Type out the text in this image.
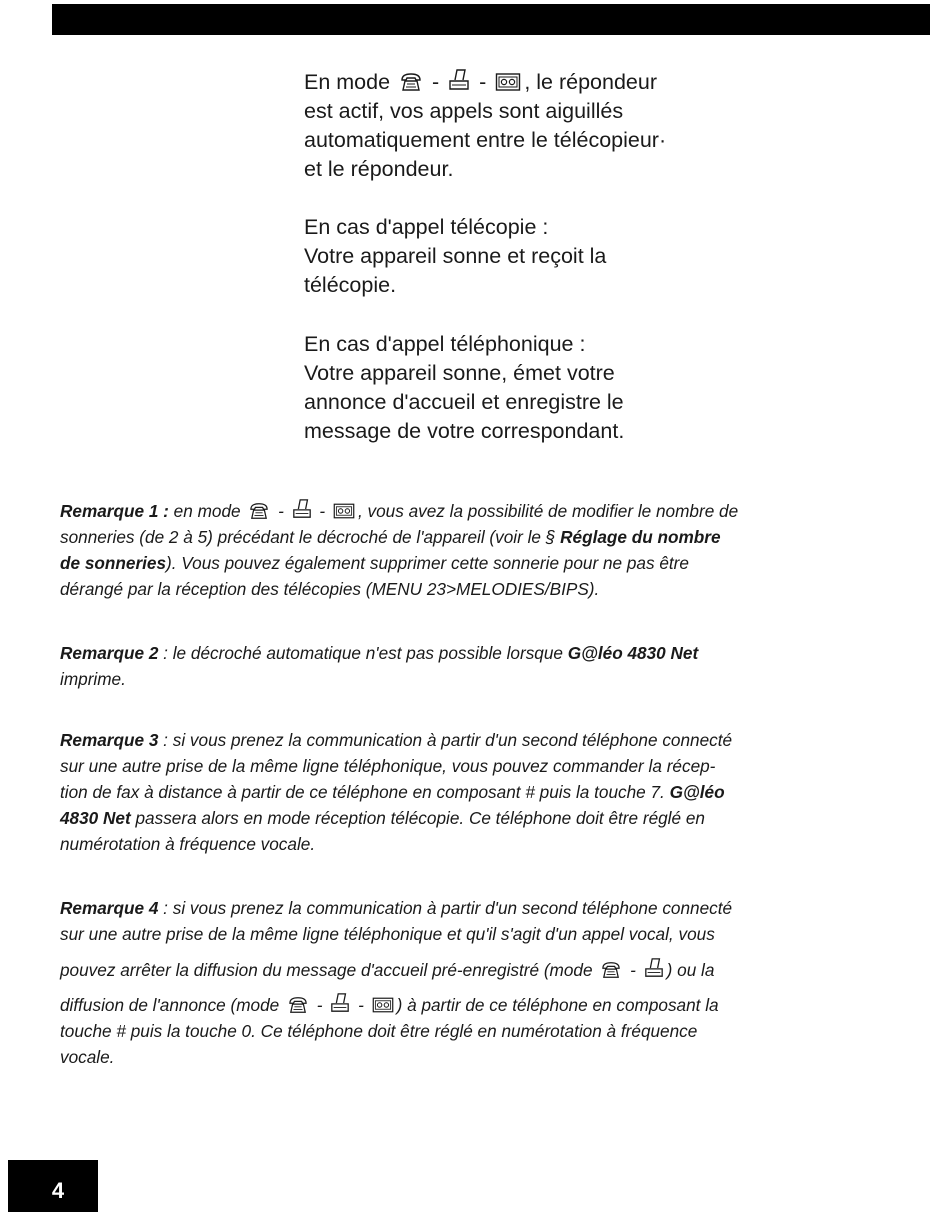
En mode - - , le répondeur
est actif, vos appels sont aiguillés
automatiquement entre le télécopieur·
et le répondeur.
En cas d'appel télécopie :
Votre appareil sonne et reçoit la
télécopie.
En cas d'appel téléphonique :
Votre appareil sonne, émet votre
annonce d'accueil et enregistre le
message de votre correspondant.
Remarque 1 : en mode - - , vous avez la possibilité de modifier le nombre de
sonneries (de 2 à 5) précédant le décroché de l'appareil (voir le § Réglage du nombre
de sonneries). Vous pouvez également supprimer cette sonnerie pour ne pas être
dérangé par la réception des télécopies (MENU 23>MELODIES/BIPS).
Remarque 2 : le décroché automatique n'est pas possible lorsque G@léo 4830 Net
imprime.
Remarque 3 : si vous prenez la communication à partir d'un second téléphone connecté
sur une autre prise de la même ligne téléphonique, vous pouvez commander la récep-
tion de fax à distance à partir de ce téléphone en composant # puis la touche 7. G@léo
4830 Net passera alors en mode réception télécopie. Ce téléphone doit être réglé en
numérotation à fréquence vocale.
Remarque 4 : si vous prenez la communication à partir d'un second téléphone connecté
sur une autre prise de la même ligne téléphonique et qu'il s'agit d'un appel vocal, vous
pouvez arrêter la diffusion du message d'accueil pré-enregistré (mode - ) ou la
diffusion de l'annonce (mode - - ) à partir de ce téléphone en composant la
touche # puis la touche 0. Ce téléphone doit être réglé en numérotation à fréquence
vocale.
4
